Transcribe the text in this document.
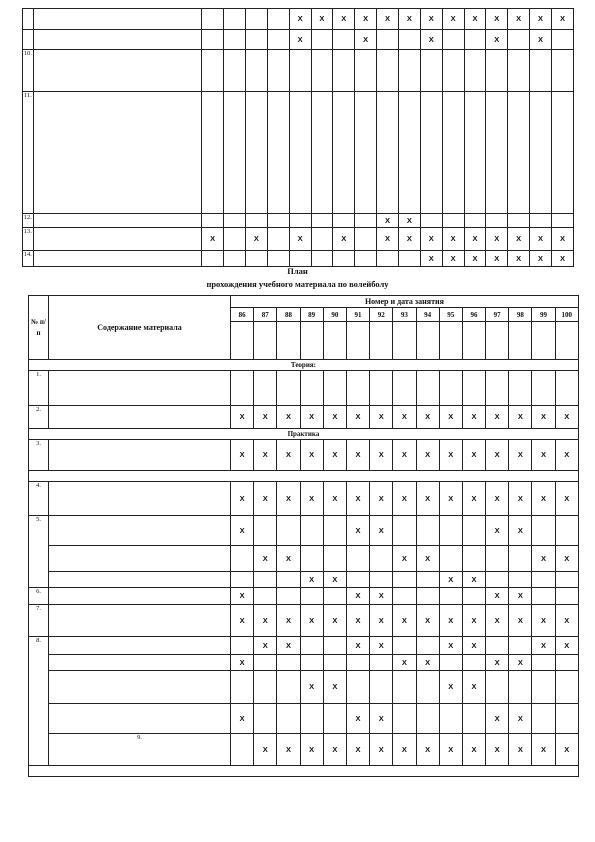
						X	X	X	X	X	X	X	X	X	X	X	X	X
						X			X			X			X		X	
10.																		
11.																		
12.										X	X							
13.		X		X		X		X		X	X	X	X	X	X	X	X	X
14.												X	X	X	X	X	X	X
План
прохождения учебного материала по волейболу
№ п/ п	Содержание материала	Номер и дата занятия															
		86	87	88	89	90	91	92	93	94	95	96	97	98	99	100	

Теория:																	
1.																	
2.		X	X	X	X	X	X	X	X	X	X	X	X	X	X	X	
Практика																	
3.		X	X	X	X	X	X	X	X	X	X	X	X	X	X	X	

4.		X	X	X	X	X	X	X	X	X	X	X	X	X	X	X	
5.		X					X	X					X	X			
			X	X					X	X					X	X	
					X	X					X	X					
6.		X					X	X					X	X			
7.		X	X	X	X	X	X	X	X	X	X	X	X	X	X	X	
8.			X	X			X	X			X	X			X	X	
		X							X	X			X	X			
					X	X					X	X					
		X					X	X					X	X			
	9.		X	X	X	X	X	X	X	X	X	X	X	X	X	X	
